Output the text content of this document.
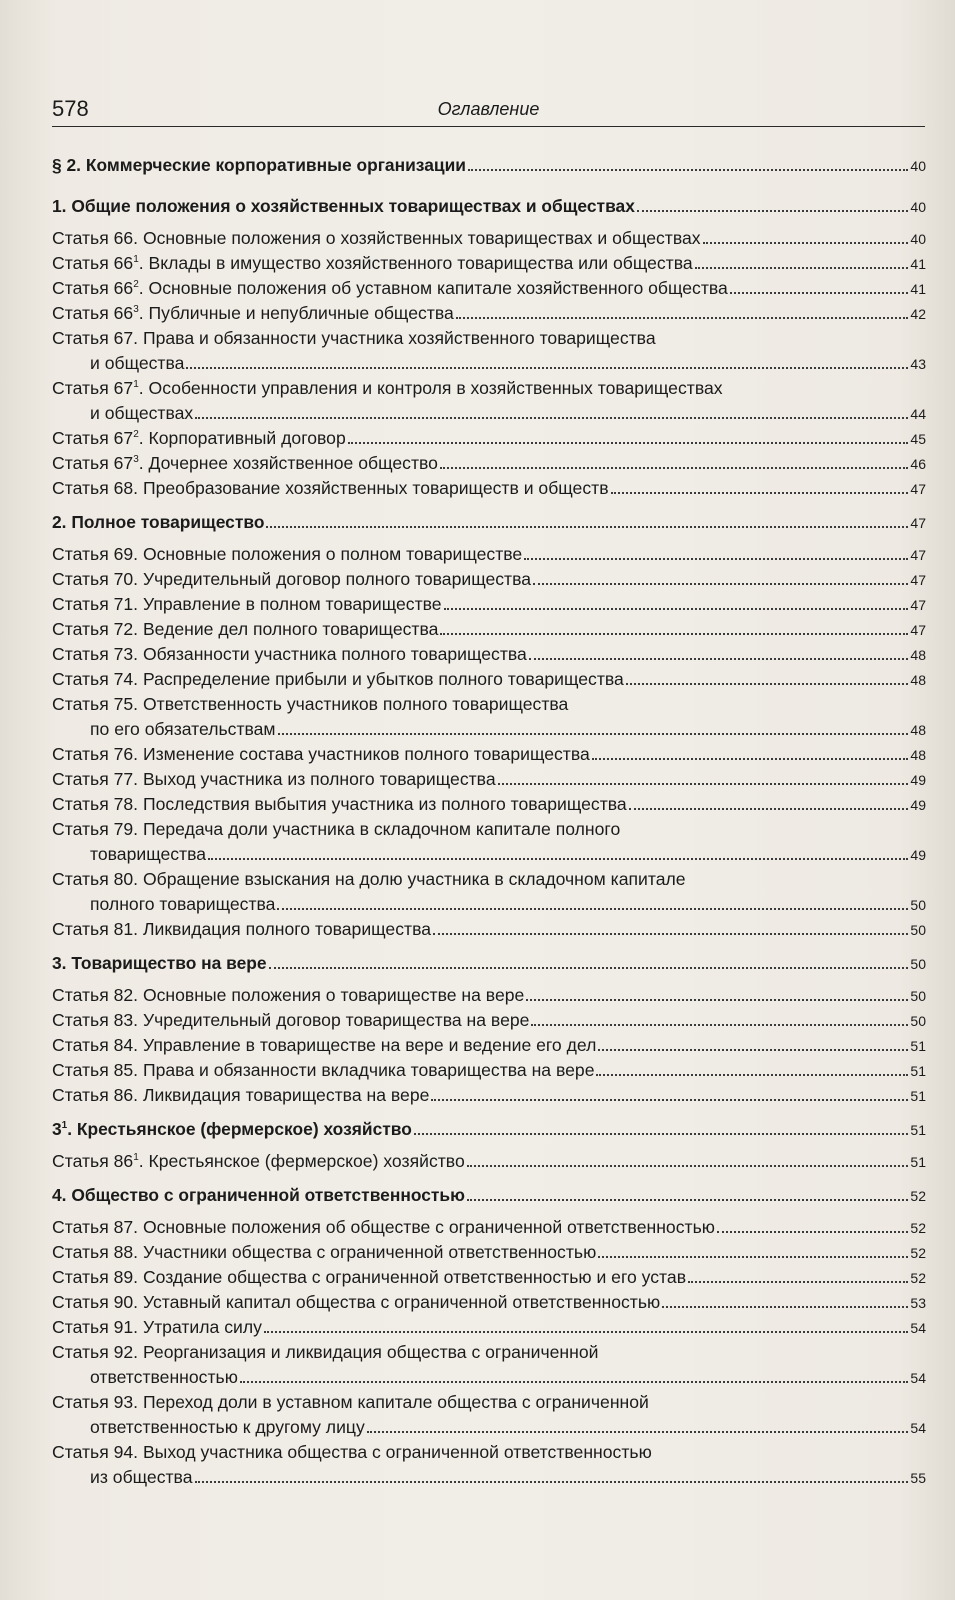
578	Оглавление
§ 2. Коммерческие корпоративные организации	40
1. Общие положения о хозяйственных товариществах и обществах	40
Статья 66. Основные положения о хозяйственных товариществах и обществах	40
Статья $66^1$. Вклады в имущество хозяйственного товарищества или общества	41
Статья $66^2$. Основные положения об уставном капитале хозяйственного общества	41
Статья $66^3$. Публичные и непубличные общества	42
Статья 67. Права и обязанности участника хозяйственного товарищества
и общества	43
Статья $67^1$. Особенности управления и контроля в хозяйственных товариществах
и обществах	44
Статья $67^2$. Корпоративный договор	45
Статья $67^3$. Дочернее хозяйственное общество	46
Статья 68. Преобразование хозяйственных товариществ и обществ	47
2. Полное товарищество	47
Статья 69. Основные положения о полном товариществе	47
Статья 70. Учредительный договор полного товарищества	47
Статья 71. Управление в полном товариществе	47
Статья 72. Ведение дел полного товарищества	47
Статья 73. Обязанности участника полного товарищества	48
Статья 74. Распределение прибыли и убытков полного товарищества	48
Статья 75. Ответственность участников полного товарищества
по его обязательствам	48
Статья 76. Изменение состава участников полного товарищества	48
Статья 77. Выход участника из полного товарищества	49
Статья 78. Последствия выбытия участника из полного товарищества	49
Статья 79. Передача доли участника в складочном капитале полного
товарищества	49
Статья 80. Обращение взыскания на долю участника в складочном капитале
полного товарищества	50
Статья 81. Ликвидация полного товарищества	50
3. Товарищество на вере	50
Статья 82. Основные положения о товариществе на вере	50
Статья 83. Учредительный договор товарищества на вере	50
Статья 84. Управление в товариществе на вере и ведение его дел	51
Статья 85. Права и обязанности вкладчика товарищества на вере	51
Статья 86. Ликвидация товарищества на вере	51
$3^1$. Крестьянское (фермерское) хозяйство	51
Статья $86^1$. Крестьянское (фермерское) хозяйство	51
4. Общество с ограниченной ответственностью	52
Статья 87. Основные положения об обществе с ограниченной ответственностью	52
Статья 88. Участники общества с ограниченной ответственностью	52
Статья 89. Создание общества с ограниченной ответственностью и его устав	52
Статья 90. Уставный капитал общества с ограниченной ответственностью	53
Статья 91. Утратила силу	54
Статья 92. Реорганизация и ликвидация общества с ограниченной
ответственностью	54
Статья 93. Переход доли в уставном капитале общества с ограниченной
ответственностью к другому лицу	54
Статья 94. Выход участника общества с ограниченной ответственностью
из общества	55
